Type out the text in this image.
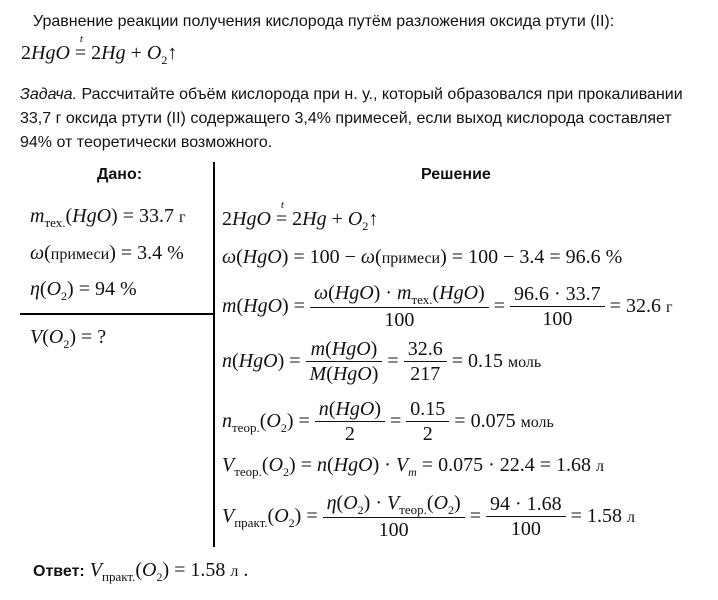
Уравнение реакции получения кислорода путём разложения оксида ртути (II):
2HgO
t
= $2Hg + O_2↑$
Задача. Рассчитайте объём кислорода при н. у., который образовался при прокаливании 33,7 г оксида ртути (II) содержащего 3,4% примесей, если выход кислорода составляет 94% от теоретически возможного.
Дано:	Решение
$m_{тех.}(HgO) = 33.7$ г
ω(примеси) = 3.4 %
$\eta(O_2) = 94$ %
$V(O_2)$ = ?
2HgO
t
= $2Hg + O_2↑$
ω(HgO) = 100 − ω(примеси) = 100 − 3.4 = 96.6 %
$m(HgO) = \frac{\omega(HgO) \cdot m_{тех.}(HgO)}{100} = \frac{96.6 \cdot 33.7}{100} = 32.6$ г
$n(HgO) = \frac{\text{m(HgO)}}{\text{M(HgO)}} = \frac{32.6}{217} = 0.15$ моль
$n_{теор.}(O_2) = \frac{\text{n(HgO)}}{2} = \frac{0.15}{2} = 0.075$ моль
$V_{теор.}(O_2) = n(HgO) \cdot V_m = 0.075 \cdot 22.4 = 1.68$ л
$V_{практ.}(O_2) = \frac{\eta(O_2) \cdot V_{теор.}(O_2)}{100} = \frac{94 \cdot 1.68}{100} = 1.58$ л
Ответ: $V_{практ.}(O_2) = 1.58$ л .
